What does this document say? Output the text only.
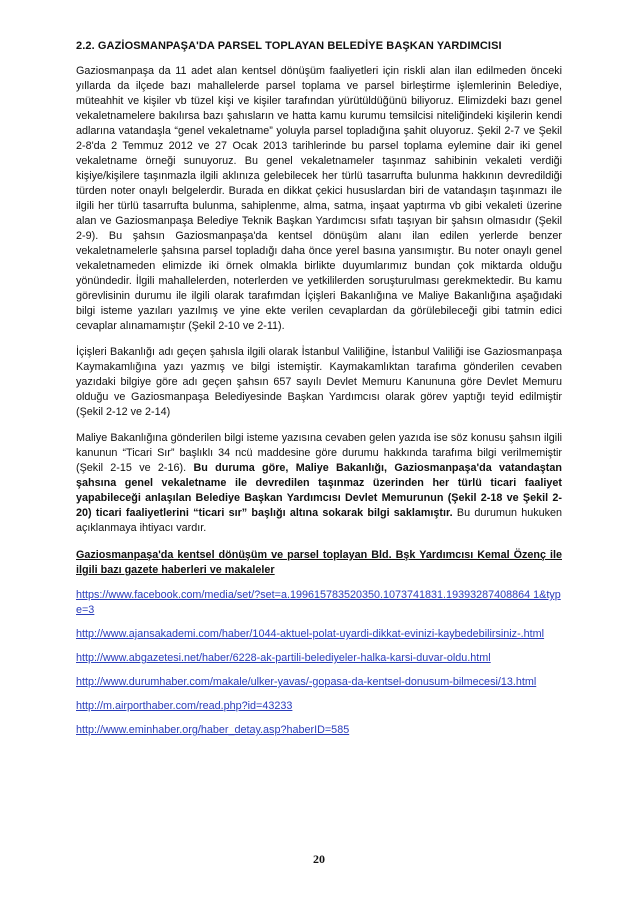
2.2. GAZİOSMANPAŞA'DA PARSEL TOPLAYAN BELEDİYE BAŞKAN YARDIMCISI

Gaziosmanpaşa da 11 adet alan kentsel dönüşüm faaliyetleri için riskli alan ilan edilmeden önceki yıllarda da ilçede bazı mahallelerde parsel toplama ve parsel birleştirme işlemlerinin Belediye, müteahhit ve kişiler vb tüzel kişi ve kişiler tarafından yürütüldüğünü biliyoruz. Elimizdeki bazı genel vekaletnamelere bakılırsa bazı şahısların ve hatta kamu kurumu temsilcisi niteliğindeki kişilerin kendi adlarına vatandaşla “genel vekaletname” yoluyla parsel topladığına şahit oluyoruz. Şekil 2-7 ve Şekil 2-8'da 2 Temmuz 2012 ve 27 Ocak 2013 tarihlerinde bu parsel toplama eylemine dair iki genel vekaletname örneği sunuyoruz. Bu genel vekaletnameler taşınmaz sahibinin vekaleti verdiği kişiye/kişilere taşınmazla ilgili aklınıza gelebilecek her türlü tasarrufta bulunma hakkının devredildiği türden noter onaylı belgelerdir. Burada en dikkat çekici hususlardan biri de vatandaşın taşınmazı ile ilgili her türlü tasarrufta bulunma, sahiplenme, alma, satma, inşaat yaptırma vb gibi vekaleti üzerine alan ve Gaziosmanpaşa Belediye Teknik Başkan Yardımcısı sıfatı taşıyan bir şahsın olmasıdır (Şekil 2-9). Bu şahsın Gaziosmanpaşa'da kentsel dönüşüm alanı ilan edilen yerlerde benzer vekaletnamelerle şahsına parsel topladığı daha önce yerel basına yansımıştır. Bu noter onaylı genel vekaletnameden elimizde iki örnek olmakla birlikte duyumlarımız bundan çok miktarda olduğu yönündedir. İlgili mahallelerden, noterlerden ve yetkililerden soruşturulması gerekmektedir. Bu kamu görevlisinin durumu ile ilgili olarak tarafımdan İçişleri Bakanlığına ve Maliye Bakanlığına aşağıdaki bilgi isteme yazıları yazılmış ve yine ekte verilen cevaplardan da görülebileceği gibi tatmin edici cevaplar alınamamıştır (Şekil 2-10 ve 2-11).

İçişleri Bakanlığı adı geçen şahısla ilgili olarak İstanbul Valiliğine, İstanbul Valiliği ise Gaziosmanpaşa Kaymakamlığına yazı yazmış ve bilgi istemiştir. Kaymakamlıktan tarafıma gönderilen cevaben yazıdaki bilgiye göre adı geçen şahsın 657 sayılı Devlet Memuru Kanununa göre Devlet Memuru olduğu ve Gaziosmanpaşa Belediyesinde Başkan Yardımcısı olarak görev yaptığı teyid edilmiştir (Şekil 2-12 ve 2-14)

Maliye Bakanlığına gönderilen bilgi isteme yazısına cevaben gelen yazıda ise söz konusu şahsın ilgili kanunun “Ticari Sır” başlıklı 34 ncü maddesine göre durumu hakkında tarafıma bilgi verilmemiştir (Şekil 2-15 ve 2-16). Bu duruma göre, Maliye Bakanlığı, Gaziosmanpaşa'da vatandaştan şahsına genel vekaletname ile devredilen taşınmaz üzerinden her türlü ticari faaliyet yapabileceği anlaşılan Belediye Başkan Yardımcısı Devlet Memurunun (Şekil 2-18 ve Şekil 2-20) ticari faaliyetlerini “ticari sır” başlığı altına sokarak bilgi saklamıştır. Bu durumun hukuken açıklanmaya ihtiyacı vardır.

Gaziosmanpaşa'da kentsel dönüşüm ve parsel toplayan Bld. Bşk Yardımcısı Kemal Özenç ile ilgili bazı gazete haberleri ve makaleler
https://www.facebook.com/media/set/?set=a.199615783520350.1073741831.19393287408864 1&type=3
http://www.ajansakademi.com/haber/1044-aktuel-polat-uyardi-dikkat-evinizi-kaybedebilirsiniz-.html
http://www.abgazetesi.net/haber/6228-ak-partili-belediyeler-halka-karsi-duvar-oldu.html
http://www.durumhaber.com/makale/ulker-yavas/-gopasa-da-kentsel-donusum-bilmecesi/13.html
http://m.airporthaber.com/read.php?id=43233
http://www.eminhaber.org/haber_detay.asp?haberID=585
20
